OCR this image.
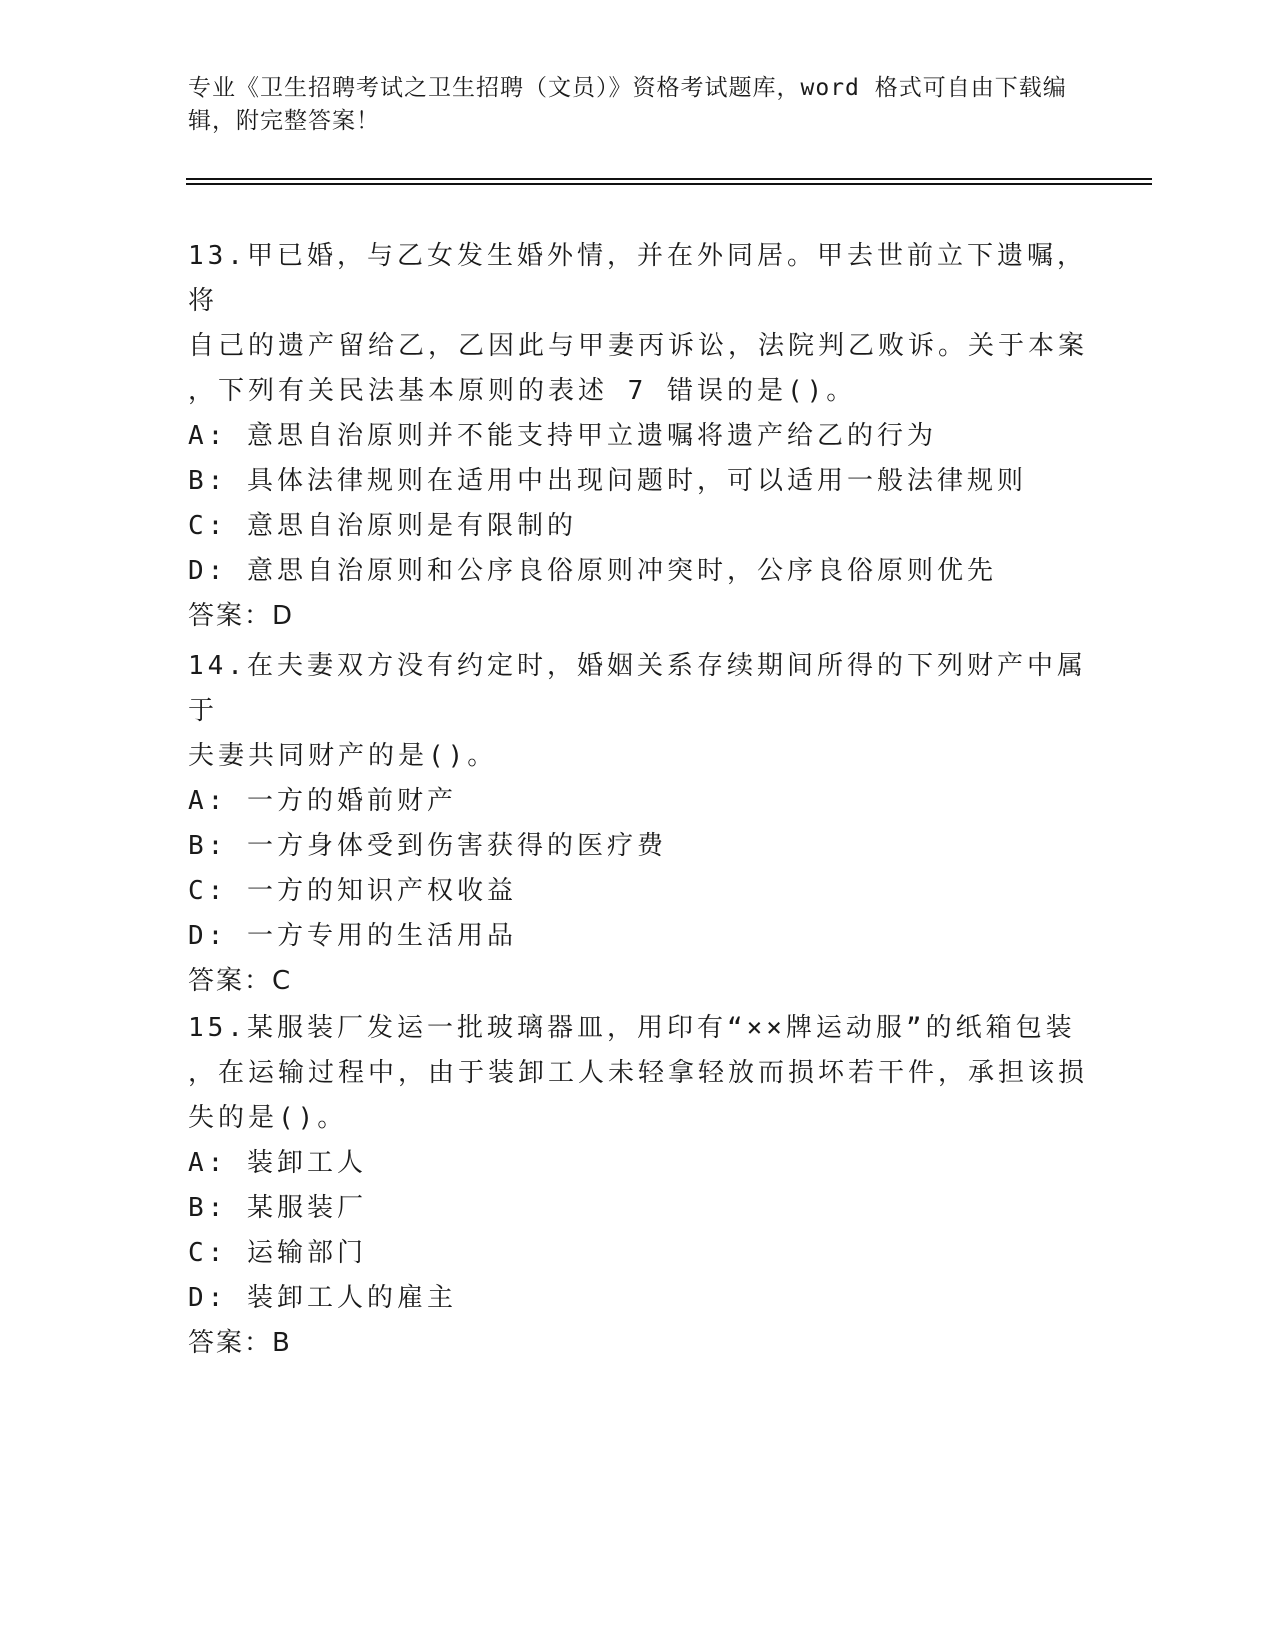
专业《卫生招聘考试之卫生招聘（文员）》资格考试题库，word 格式可自由下载编辑，附完整答案！
13.甲已婚，与乙女发生婚外情，并在外同居。甲去世前立下遗嘱，将
自己的遗产留给乙，乙因此与甲妻丙诉讼，法院判乙败诉。关于本案
，下列有关民法基本原则的表述 7 错误的是()。
A: 意思自治原则并不能支持甲立遗嘱将遗产给乙的行为
B: 具体法律规则在适用中出现问题时，可以适用一般法律规则
C: 意思自治原则是有限制的
D: 意思自治原则和公序良俗原则冲突时，公序良俗原则优先
答案：D
14.在夫妻双方没有约定时，婚姻关系存续期间所得的下列财产中属于
夫妻共同财产的是()。
A: 一方的婚前财产
B: 一方身体受到伤害获得的医疗费
C: 一方的知识产权收益
D: 一方专用的生活用品
答案：C
15.某服装厂发运一批玻璃器皿，用印有“××牌运动服”的纸箱包装
，在运输过程中，由于装卸工人未轻拿轻放而损坏若干件，承担该损
失的是()。
A: 装卸工人
B: 某服装厂
C: 运输部门
D: 装卸工人的雇主
答案：B
